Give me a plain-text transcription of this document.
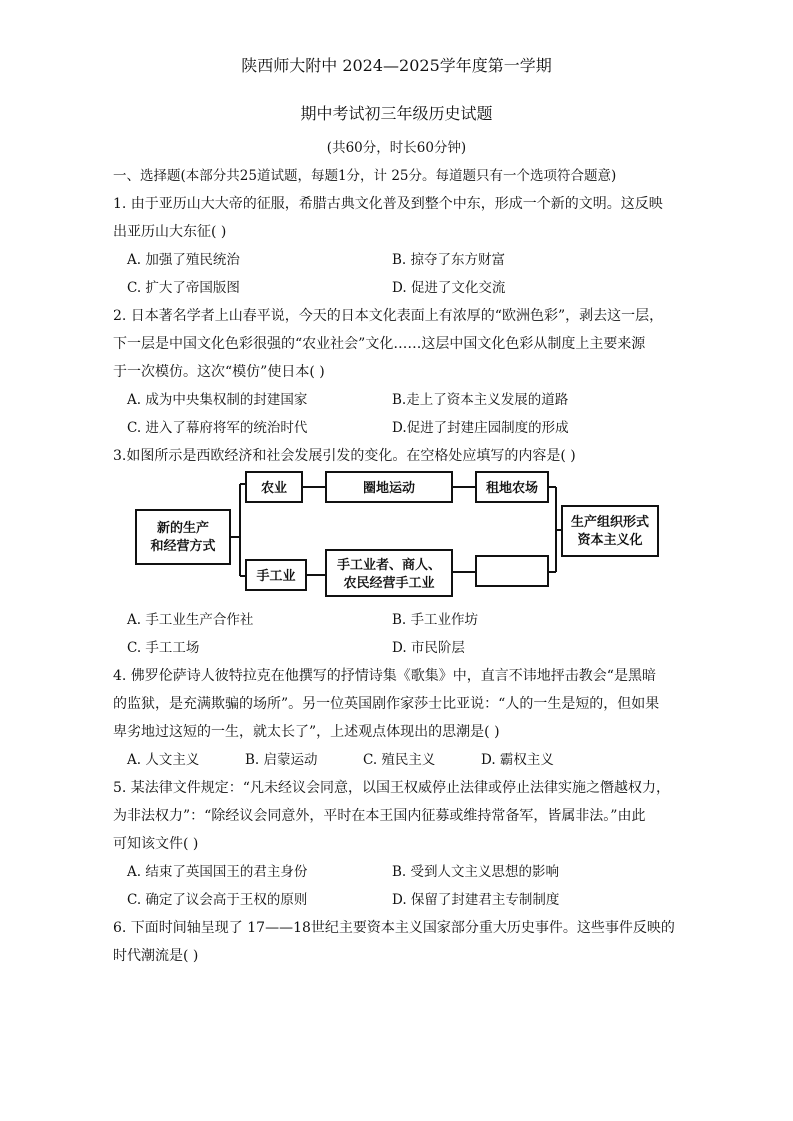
陕西师大附中 2024—2025学年度第一学期
期中考试初三年级历史试题
(共60分，时长60分钟)
一、选择题(本部分共25道试题，每题1分，计 25分。每道题只有一个选项符合题意)
1. 由于亚历山大大帝的征服，希腊古典文化普及到整个中东，形成一个新的文明。这反映
出亚历山大东征( )
A. 加强了殖民统治	B. 掠夺了东方财富
C. 扩大了帝国版图	D. 促进了文化交流
2. 日本著名学者上山春平说，今天的日本文化表面上有浓厚的“欧洲色彩”，剥去这一层，
下一层是中国文化色彩很强的“农业社会”文化……这层中国文化色彩从制度上主要来源
于一次模仿。这次“模仿”使日本( )
A. 成为中央集权制的封建国家	B.走上了资本主义发展的道路
C. 进入了幕府将军的统治时代	D.促进了封建庄园制度的形成
3.如图所示是西欧经济和社会发展引发的变化。在空格处应填写的内容是( )
新的生产
和经营方式
农业	圈地运动	租地农场
手工业
手工业者、商人、
农民经营手工业
生产组织形式
资本主义化
A. 手工业生产合作社	B. 手工业作坊
C. 手工工场	D. 市民阶层
4. 佛罗伦萨诗人彼特拉克在他撰写的抒情诗集《歌集》中，直言不讳地抨击教会“是黑暗
的监狱，是充满欺骗的场所”。另一位英国剧作家莎士比亚说：“人的一生是短的，但如果
卑劣地过这短的一生，就太长了”，上述观点体现出的思潮是( )
A. 人文主义	B. 启蒙运动	C. 殖民主义	D. 霸权主义
5. 某法律文件规定：“凡未经议会同意，以国王权威停止法律或停止法律实施之僭越权力，
为非法权力”：“除经议会同意外，平时在本王国内征募或维持常备军，皆属非法。”由此
可知该文件( )
A. 结束了英国国王的君主身份	B. 受到人文主义思想的影响
C. 确定了议会高于王权的原则	D. 保留了封建君主专制制度
6. 下面时间轴呈现了 17——18世纪主要资本主义国家部分重大历史事件。这些事件反映的
时代潮流是( )
